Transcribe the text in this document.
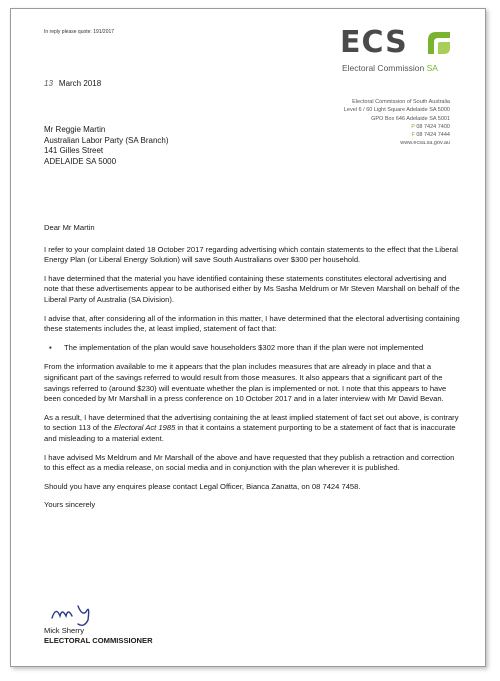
In reply please quote: 191/2017	ECS
Electoral Commission SA
13 March 2018
Electoral Commission of South Australia
Level 6 / 60 Light Square Adelaide SA 5000
GPO Box 646 Adelaide SA 5001
P 08 7424 7400
F 08 7424 7444
www.ecsa.sa.gov.au
Mr Reggie Martin
Australian Labor Party (SA Branch)
141 Gilles Street
ADELAIDE SA 5000

Dear Mr Martin

I refer to your complaint dated 18 October 2017 regarding advertising which contain statements to the effect that the Liberal Energy Plan (or Liberal Energy Solution) will save South Australians over $300 per household.

I have determined that the material you have identified containing these statements constitutes electoral advertising and note that these advertisements appear to be authorised either by Ms Sasha Meldrum or Mr Steven Marshall on behalf of the Liberal Party of Australia (SA Division).

I advise that, after considering all of the information in this matter, I have determined that the electoral advertising containing these statements includes the, at least implied, statement of fact that:

▪ The implementation of the plan would save householders $302 more than if the plan were not implemented

From the information available to me it appears that the plan includes measures that are already in place and that a significant part of the savings referred to would result from those measures. It also appears that a significant part of the savings referred to (around $230) will eventuate whether the plan is implemented or not. I note that this appears to have been conceded by Mr Marshall in a press conference on 10 October 2017 and in a later interview with Mr David Bevan.

As a result, I have determined that the advertising containing the at least implied statement of fact set out above, is contrary to section 113 of the Electoral Act 1985 in that it contains a statement purporting to be a statement of fact that is inaccurate and misleading to a material extent.

I have advised Ms Meldrum and Mr Marshall of the above and have requested that they publish a retraction and correction to this effect as a media release, on social media and in conjunction with the plan wherever it is published.

Should you have any enquires please contact Legal Officer, Bianca Zanatta, on 08 7424 7458.

Yours sincerely

Mick Sherry
ELECTORAL COMMISSIONER
